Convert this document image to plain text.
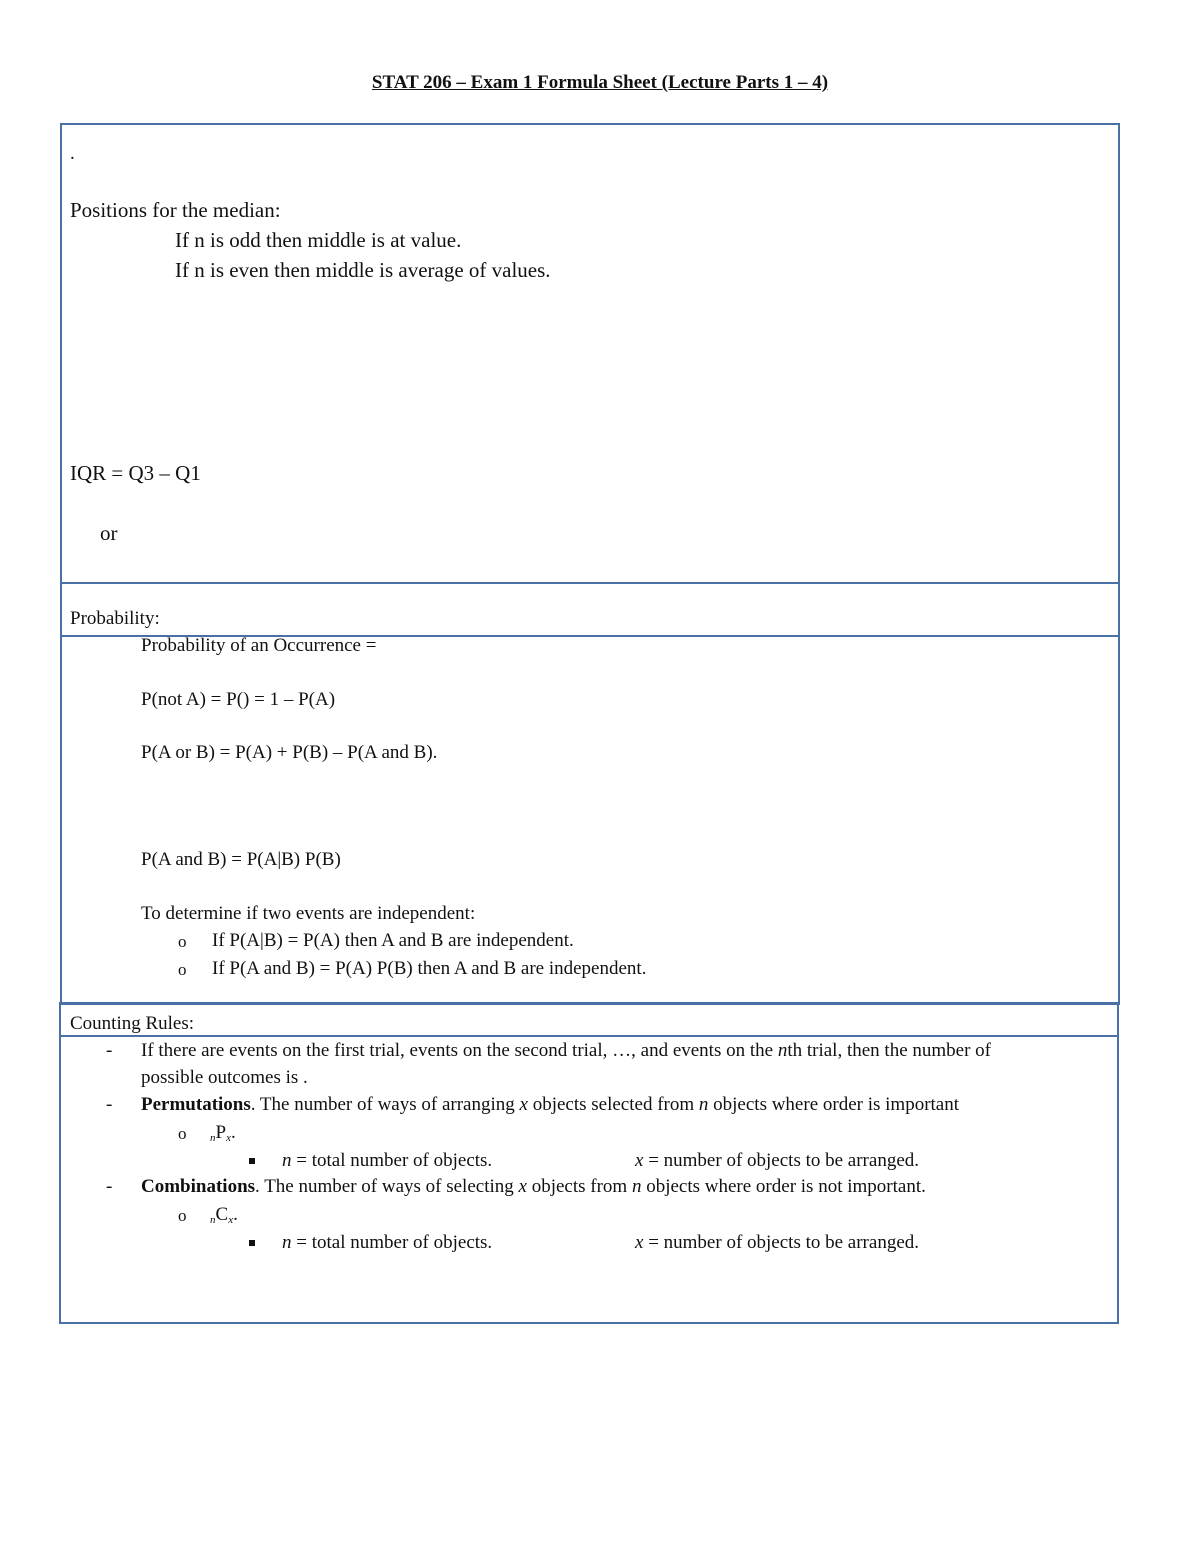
STAT 206 – Exam 1 Formula Sheet (Lecture Parts 1 – 4)
.
Positions for the median:
If n is odd then middle is at value.
If n is even then middle is average of values.
IQR = Q3 – Q1
or
Probability:
Probability of an Occurrence =
P(not A) = P() = 1 – P(A)
P(A or B) = P(A) + P(B) – P(A and B).
P(A and B) = P(A|B) P(B)
To determine if two events are independent:
o If P(A|B) = P(A) then A and B are independent.
o If P(A and B) = P(A) P(B) then A and B are independent.
Counting Rules:
- If there are events on the first trial, events on the second trial, …, and events on the nth trial, then the number of
possible outcomes is .
- Permutations. The number of ways of arranging x objects selected from n objects where order is important
o $_nP_x$.
n = total number of objects.	x = number of objects to be arranged.
- Combinations. The number of ways of selecting x objects from n objects where order is not important.
o $_nC_x$.
n = total number of objects.	x = number of objects to be arranged.
